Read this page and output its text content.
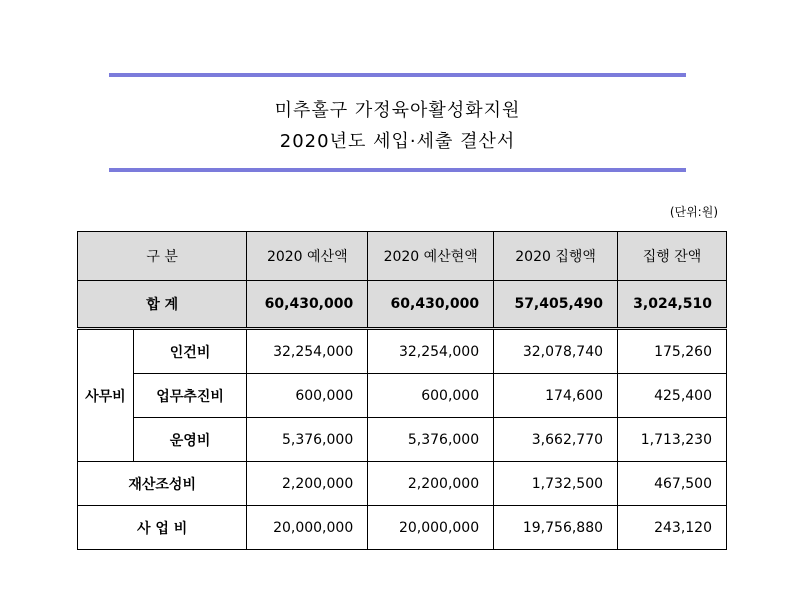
미추홀구 가정육아활성화지원
2020년도 세입·세출 결산서
(단위:원)
구 분		2020 예산액	2020 예산현액	2020 집행액	집행 잔액
합 계		60,430,000	60,430,000	57,405,490	3,024,510
사무비	인건비	32,254,000	32,254,000	32,078,740	175,260
	업무추진비	600,000	600,000	174,600	425,400
	운영비	5,376,000	5,376,000	3,662,770	1,713,230
재산조성비		2,200,000	2,200,000	1,732,500	467,500
사 업 비		20,000,000	20,000,000	19,756,880	243,120
